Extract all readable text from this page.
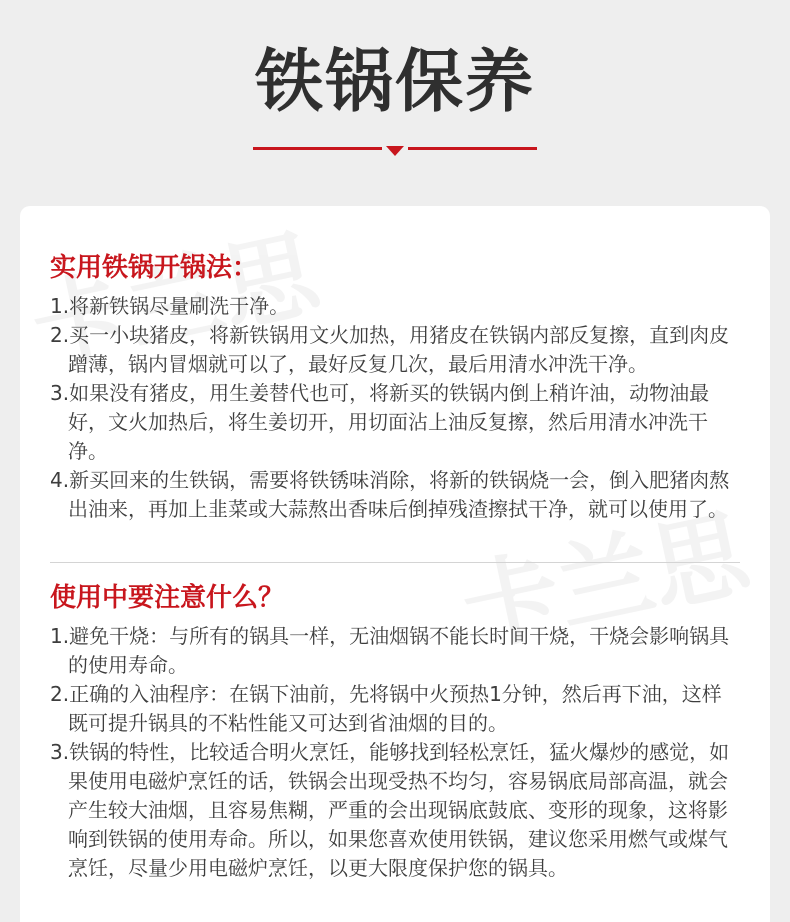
铁锅保养
实用铁锅开锅法：

1.将新铁锅尽量刷洗干净。

2.买一小块猪皮，将新铁锅用文火加热，用猪皮在铁锅内部反复擦，直到肉皮蹭薄，锅内冒烟就可以了，最好反复几次，最后用清水冲洗干净。

3.如果没有猪皮，用生姜替代也可，将新买的铁锅内倒上稍许油，动物油最好，文火加热后，将生姜切开，用切面沾上油反复擦，然后用清水冲洗干净。

4.新买回来的生铁锅，需要将铁锈味消除，将新的铁锅烧一会，倒入肥猪肉熬出油来，再加上韭菜或大蒜熬出香味后倒掉残渣擦拭干净，就可以使用了。

使用中要注意什么？

1.避免干烧：与所有的锅具一样，无油烟锅不能长时间干烧，干烧会影响锅具的使用寿命。

2.正确的入油程序：在锅下油前，先将锅中火预热1分钟，然后再下油，这样既可提升锅具的不粘性能又可达到省油烟的目的。

3.铁锅的特性，比较适合明火烹饪，能够找到轻松烹饪，猛火爆炒的感觉，如果使用电磁炉烹饪的话，铁锅会出现受热不均匀，容易锅底局部高温，就会产生较大油烟，且容易焦糊，严重的会出现锅底鼓底、变形的现象，这将影响到铁锅的使用寿命。所以，如果您喜欢使用铁锅，建议您采用燃气或煤气烹饪，尽量少用电磁炉烹饪，以更大限度保护您的锅具。
